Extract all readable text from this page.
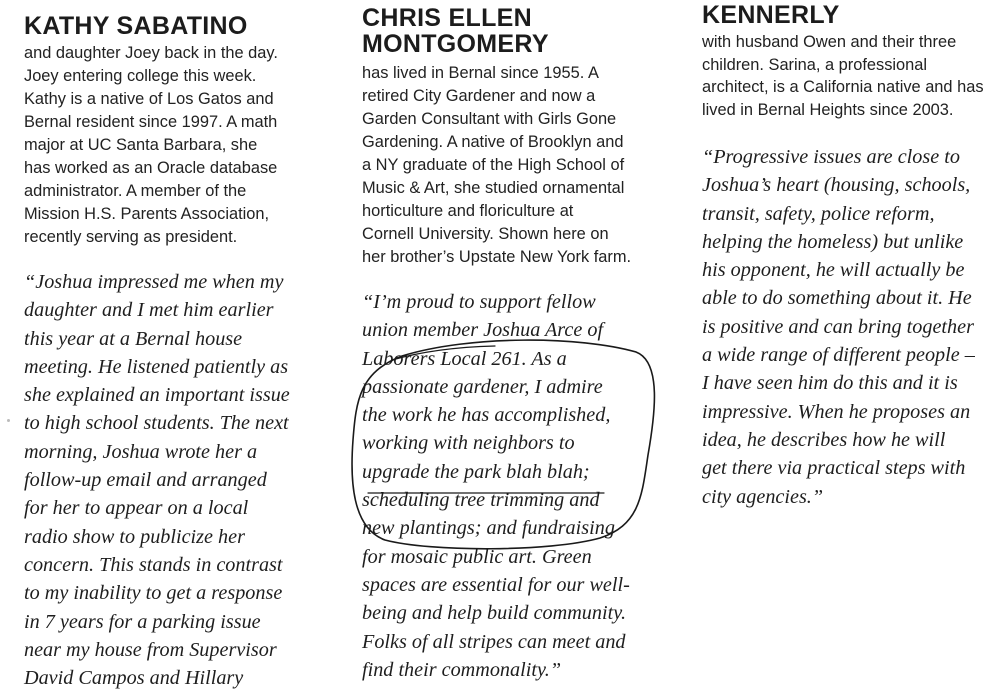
KATHY SABATINO

and daughter Joey back in the day.
Joey entering college this week.
Kathy is a native of Los Gatos and
Bernal resident since 1997. A math
major at UC Santa Barbara, she
has worked as an Oracle database
administrator. A member of the
Mission H.S. Parents Association,
recently serving as president.

“Joshua impressed me when my
daughter and I met him earlier
this year at a Bernal house
meeting. He listened patiently as
she explained an important issue
to high school students. The next
morning, Joshua wrote her a
follow-up email and arranged
for her to appear on a local
radio show to publicize her
concern. This stands in contrast
to my inability to get a response
in 7 years for a parking issue
near my house from Supervisor
David Campos and Hillary

CHRIS ELLEN
MONTGOMERY

has lived in Bernal since 1955. A
retired City Gardener and now a
Garden Consultant with Girls Gone
Gardening. A native of Brooklyn and
a NY graduate of the High School of
Music & Art, she studied ornamental
horticulture and floriculture at
Cornell University. Shown here on
her brother’s Upstate New York farm.

“I’m proud to support fellow
union member Joshua Arce of
Laborers Local 261. As a
passionate gardener, I admire
the work he has accomplished,
working with neighbors to
upgrade the park blah blah;
scheduling tree trimming and
new plantings; and fundraising
for mosaic public art. Green
spaces are essential for our well-
being and help build community.
Folks of all stripes can meet and
find their commonality.”

KENNERLY

with husband Owen and their three
children. Sarina, a professional
architect, is a California native and has
lived in Bernal Heights since 2003.

“Progressive issues are close to
Joshua’s heart (housing, schools,
transit, safety, police reform,
helping the homeless) but unlike
his opponent, he will actually be
able to do something about it. He
is positive and can bring together
a wide range of different people –
I have seen him do this and it is
impressive. When he proposes an
idea, he describes how he will
get there via practical steps with
city agencies.”
